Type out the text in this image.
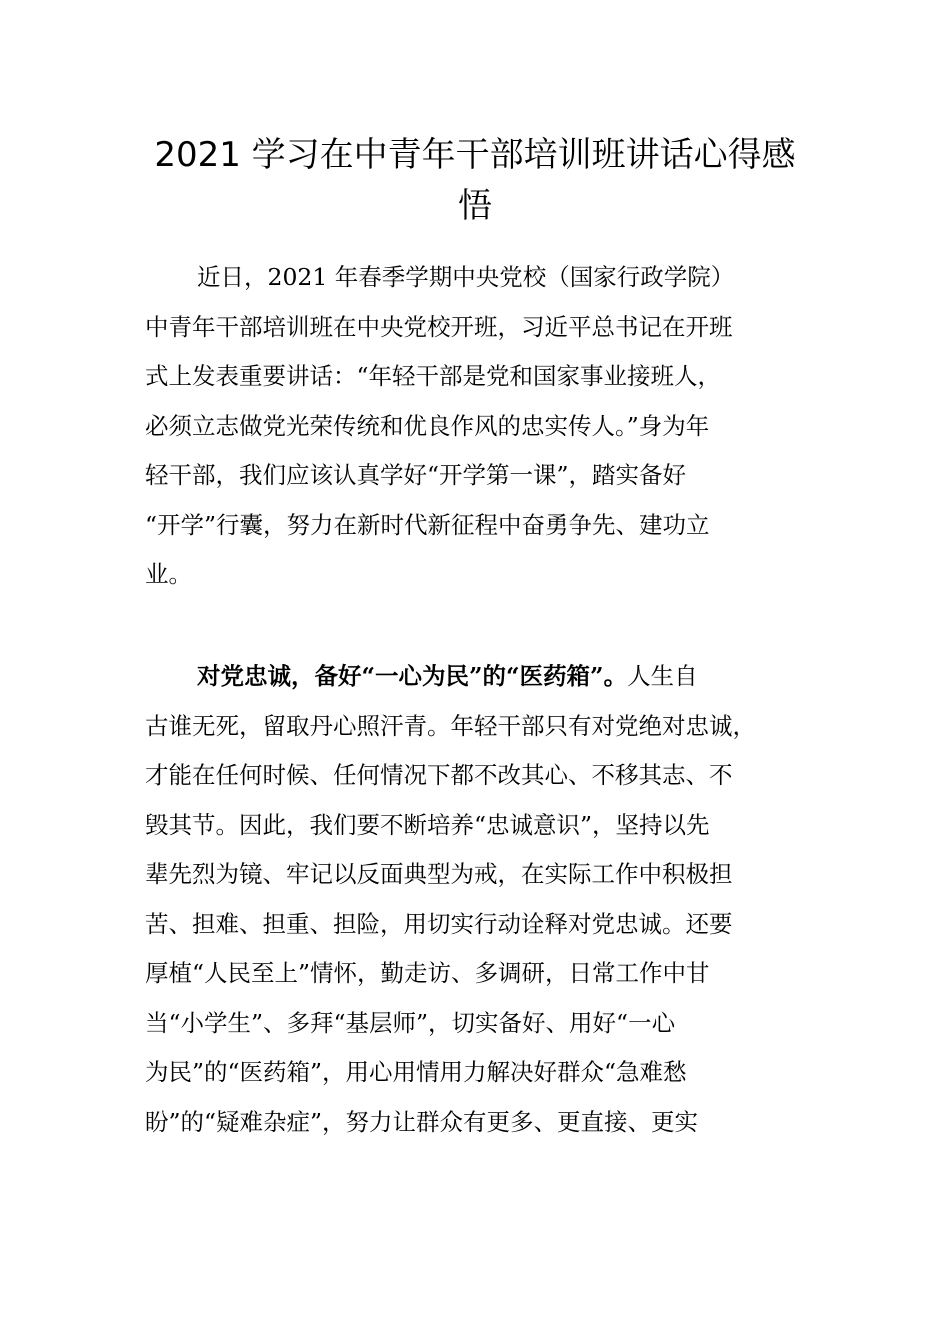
2021 学习在中青年干部培训班讲话心得感
悟
近日，2021 年春季学期中央党校（国家行政学院）
中青年干部培训班在中央党校开班，习近平总书记在开班
式上发表重要讲话：“年轻干部是党和国家事业接班人，
必须立志做党光荣传统和优良作风的忠实传人。”身为年
轻干部，我们应该认真学好“开学第一课”，踏实备好
“开学”行囊，努力在新时代新征程中奋勇争先、建功立
业。
对党忠诚，备好“一心为民”的“医药箱”。人生自
古谁无死，留取丹心照汗青。年轻干部只有对党绝对忠诚，
才能在任何时候、任何情况下都不改其心、不移其志、不
毁其节。因此，我们要不断培养“忠诚意识”，坚持以先
辈先烈为镜、牢记以反面典型为戒，在实际工作中积极担
苦、担难、担重、担险，用切实行动诠释对党忠诚。还要
厚植“人民至上”情怀，勤走访、多调研，日常工作中甘
当“小学生”、多拜“基层师”，切实备好、用好“一心
为民”的“医药箱”，用心用情用力解决好群众“急难愁
盼”的“疑难杂症”，努力让群众有更多、更直接、更实
